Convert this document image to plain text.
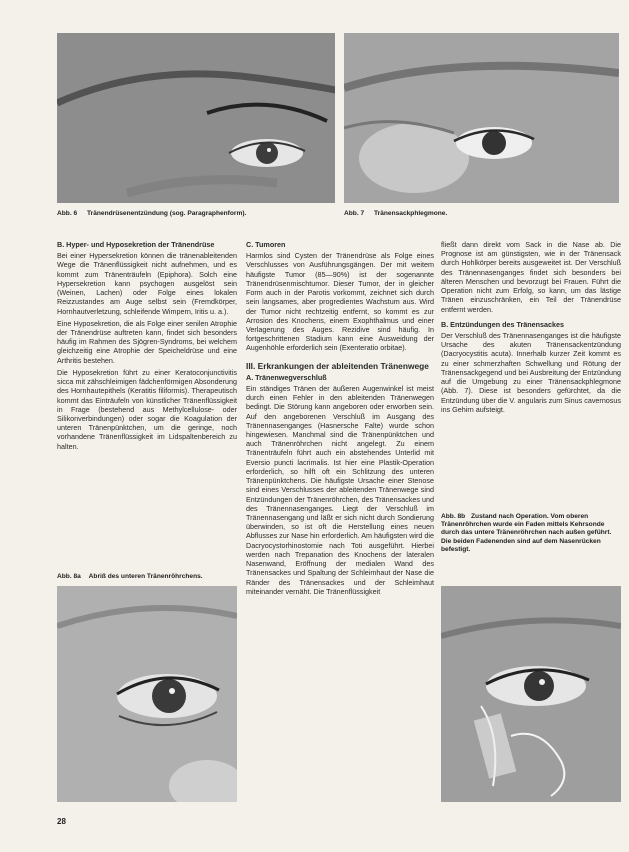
Abb. 6 Tränendrüsenentzündung (sog. Paragraphenform).	Abb. 7 Tränensackphlegmone.
B. Hyper- und Hyposekretion der Tränendrüse

Bei einer Hypersekretion können die tränenableitenden Wege die Tränenflüssigkeit nicht aufnehmen, und es kommt zum Tränenträufeln (Epiphora). Solch eine Hypersekretion kann psychogen ausgelöst sein (Weinen, Lachen) oder Folge eines lokalen Reizzustandes am Auge selbst sein (Fremdkörper, Hornhautverletzung, schleifende Wimpern, Iritis u. a.).

Eine Hyposekretion, die als Folge einer senilen Atrophie der Tränendrüse auftreten kann, findet sich besonders häufig im Rahmen des Sjögren-Syndroms, bei welchem gleichzeitig eine Atrophie der Speicheldrüse und eine Arthritis bestehen.

Die Hyposekretion führt zu einer Keratoconjunctivitis sicca mit zähschleimigen fädchenförmigen Absonderung des Hornhautepithels (Keratitis filiformis). Therapeutisch kommt das Einträufeln von künstlicher Tränenflüssigkeit in Frage (bestehend aus Methylcellulose- oder Silikonverbindungen) oder sogar die Koagulation der unteren Tränenpünktchen, um die geringe, noch vorhandene Tränenflüssigkeit im Lidspaltenbereich zu halten.

Abb. 8a Abriß des unteren Tränenröhrchens.
C. Tumoren

Harmlos sind Cysten der Tränendrüse als Folge eines Verschlusses von Ausführungsgängen. Der mit weitem häufigste Tumor (85—90%) ist der sogenannte Tränendrüsenmischtumor. Dieser Tumor, der in gleicher Form auch in der Parotis vorkommt, zeichnet sich durch sein langsames, aber progredientes Wachstum aus. Wird der Tumor nicht rechtzeitig entfernt, so kommt es zur Arrosion des Knochens, einem Exophthalmus und einer Verlagerung des Auges. Rezidive sind häufig. In fortgeschrittenen Stadium kann eine Ausweidung der Augenhöhle erforderlich sein (Exenteratio orbitae).

III. Erkrankungen der ableitenden Tränenwege
A. Tränenwegverschluß

Ein ständiges Tränen der äußeren Augenwinkel ist meist durch einen Fehler in den ableitenden Tränenwegen bedingt. Die Störung kann angeboren oder erworben sein. Auf den angeborenen Verschluß im Ausgang des Tränennasenganges (Hasnersche Falte) wurde schon hingewiesen. Manchmal sind die Tränenpünktchen und auch Tränenröhrchen nicht angelegt. Zu einem Tränenträufeln führt auch ein abstehendes Unterlid mit Eversio puncti lacrimalis. Ist hier eine Plastik-Operation erforderlich, so hilft oft ein Schlitzung des unteren Tränenpünktchens. Die häufigste Ursache einer Stenose sind eines Verschlusses der ableitenden Tränenwege sind Entzündungen der Tränenröhrchen, des Tränensackes und des Tränennasenganges. Liegt der Verschluß im Tränennasengang und läßt er sich nicht durch Sondierung überwinden, so ist oft die Herstellung eines neuen Abflusses zur Nase hin erforderlich. Am häufigsten wird die Dacryocystorhinostomie nach Toti ausgeführt. Hierbei werden nach Trepanation des Knochens der lateralen Nasenwand, Eröffnung der medialen Wand des Tränensackes und Spaltung der Schleimhaut der Nase die Ränder des Tränensackes und der Schleimhaut miteinander vernäht. Die Tränenflüssigkeit

fließt dann direkt vom Sack in die Nase ab. Die Prognose ist am günstigsten, wie in der Tränensack durch Hohlkörper bereits ausgeweitet ist. Der Verschluß des Tränennasenganges findet sich besonders bei älteren Menschen und bevorzugt bei Frauen. Führt die Operation nicht zum Erfolg, so kann, um das lästige Tränen einzuschränken, ein Teil der Tränendrüse entfernt werden.

B. Entzündungen des Tränensackes

Der Verschluß des Tränennasenganges ist die häufigste Ursache des akuten Tränensackentzündung (Dacryocystitis acuta). Innerhalb kurzer Zeit kommt es zu einer schmerzhaften Schwellung und Rötung der Tränensackgegend und bei Ausbreitung der Entzündung auf die Umgebung zu einer Tränensackphlegmone (Abb. 7). Diese ist besonders gefürchtet, da die Entzündung über die V. angularis zum Sinus cavernosus ins Gehirn aufsteigt.

Abb. 8b Zustand nach Operation. Vom oberen Tränenröhrchen wurde ein Faden mittels Kehrsonde durch das untere Tränenröhrchen nach außen geführt. Die beiden Fadenenden sind auf dem Nasenrücken befestigt.
28
